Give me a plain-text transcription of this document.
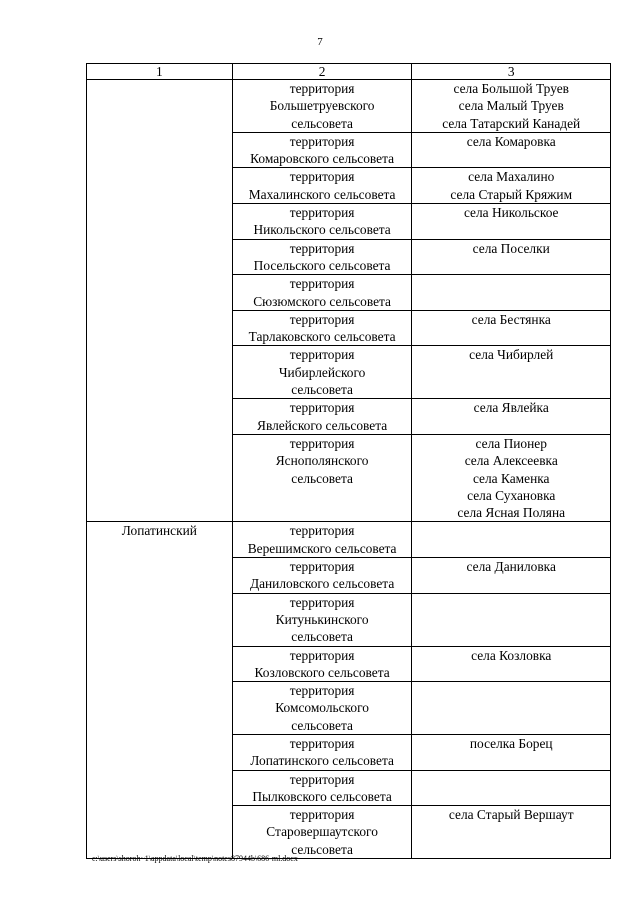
7
1	2	3

	территория
Большетруевского
сельсовета	села Большой Труев
села Малый Труев
села Татарский Канадей

	территория
Комаровского сельсовета	села Комаровка

	территория
Махалинского сельсовета	села Махалино
села Старый Кряжим

	территория
Никольского сельсовета	села Никольское

	территория
Посельского сельсовета	села Поселки

	территория
Сюзюмского сельсовета	

	территория
Тарлаковского сельсовета	села Бестянка

	территория
Чибирлейского
сельсовета	села Чибирлей

	территория
Явлейского сельсовета	села Явлейка

	территория
Яснополянского
сельсовета	села Пионер
села Алексеевка
села Каменка
села Сухановка
села Ясная Поляна

Лопатинский	территория
Верешимского сельсовета	

	территория
Даниловского сельсовета	села Даниловка

	территория
Китунькинского
сельсовета	

	территория
Козловского сельсовета	села Козловка

	территория
Комсомольского
сельсовета	

	территория
Лопатинского сельсовета	поселка Борец

	территория
Пылковского сельсовета	

	территория
Старовершаутского
сельсовета	села Старый Вершаут
c:\users\shoroh~1\appdata\local\temp\notes87944b\686-ml.docx
